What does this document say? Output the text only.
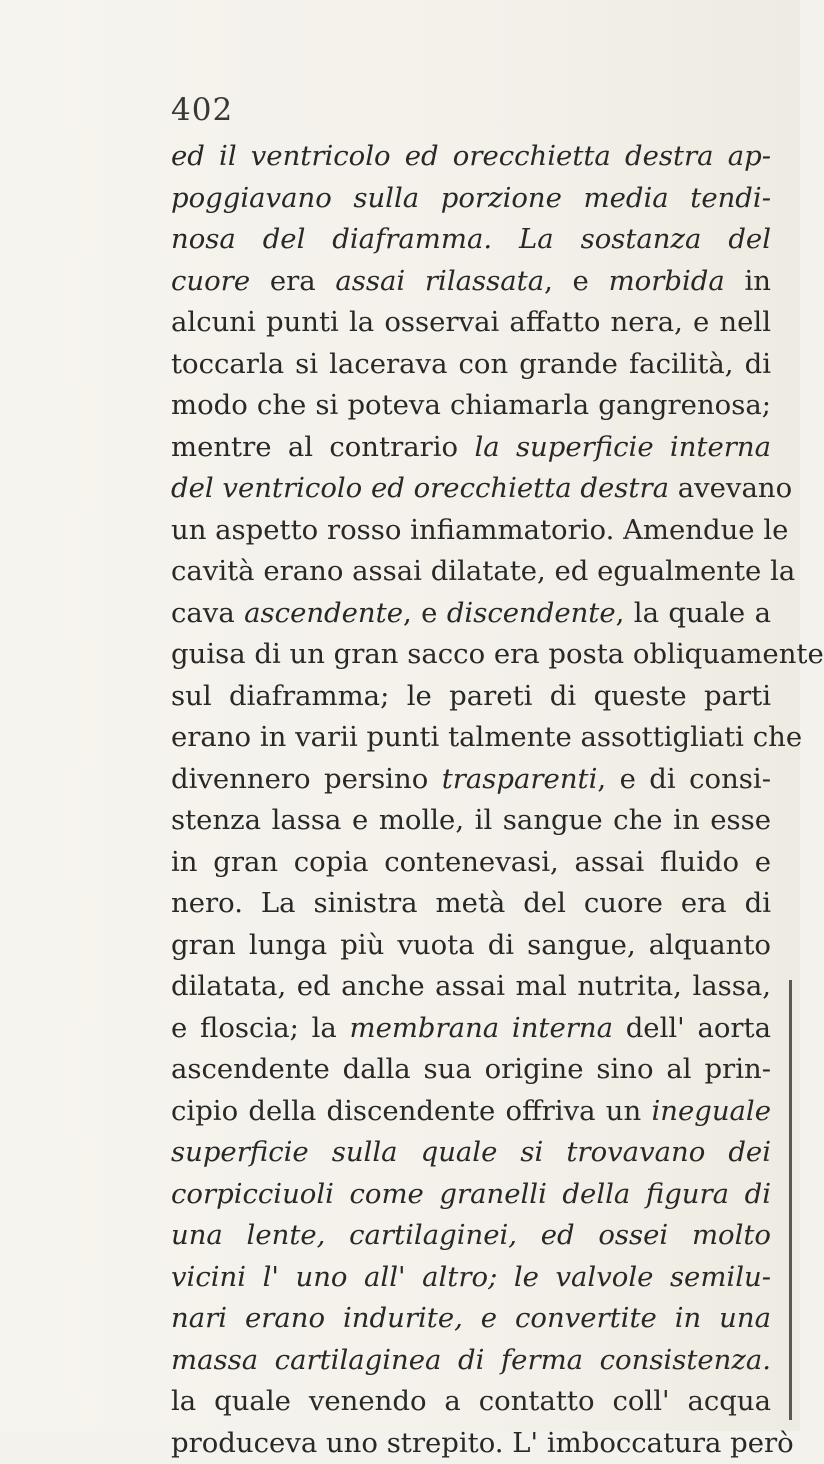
402
ed il ventricolo ed orecchietta destra ap-
poggiavano sulla porzione media tendi-
nosa del diaframma. La sostanza del
cuore era assai rilassata, e morbida in
alcuni punti la osservai affatto nera, e nell
toccarla si lacerava con grande facilità, di
modo che si poteva chiamarla gangrenosa;
mentre al contrario la superficie interna
del ventricolo ed orecchietta destra avevano
un aspetto rosso infiammatorio. Amendue le
cavità erano assai dilatate, ed egualmente la
cava ascendente, e discendente, la quale a
guisa di un gran sacco era posta obliquamente
sul diaframma; le pareti di queste parti
erano in varii punti talmente assottigliati che
divennero persino trasparenti, e di consi-
stenza lassa e molle, il sangue che in esse
in gran copia contenevasi, assai fluido e
nero. La sinistra metà del cuore era di
gran lunga più vuota di sangue, alquanto
dilatata, ed anche assai mal nutrita, lassa,
e floscia; la membrana interna dell' aorta
ascendente dalla sua origine sino al prin-
cipio della discendente offriva un ineguale
superficie sulla quale si trovavano dei
corpicciuoli come granelli della figura di
una lente, cartilaginei, ed ossei molto
vicini l' uno all' altro; le valvole semilu-
nari erano indurite, e convertite in una
massa cartilaginea di ferma consistenza.
la quale venendo a contatto coll' acqua
produceva uno strepito. L' imboccatura però
